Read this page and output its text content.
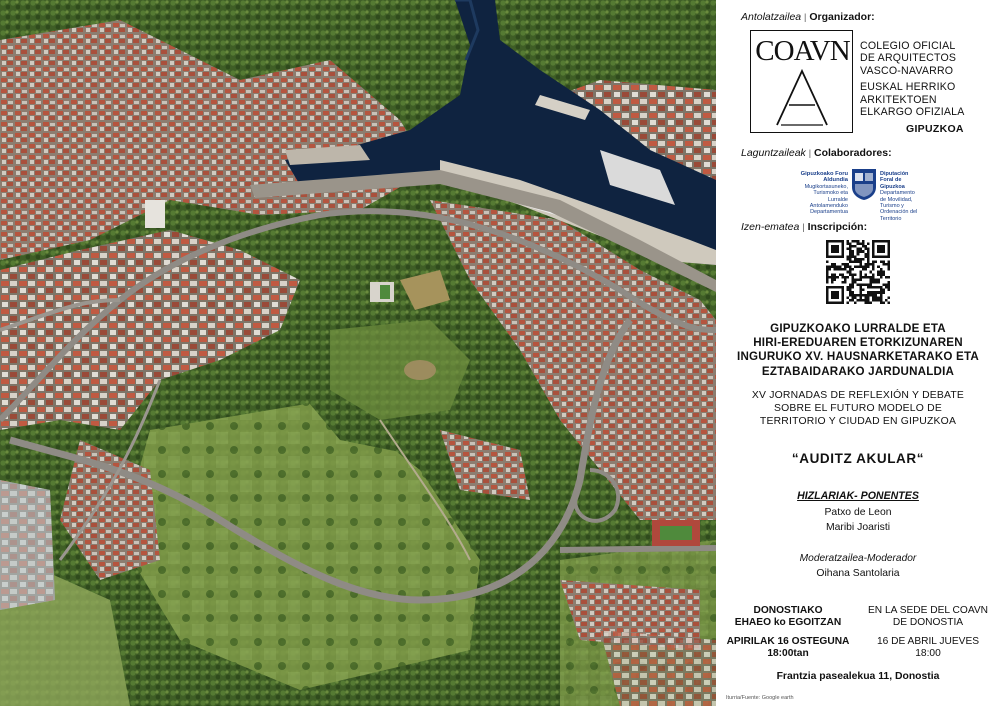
Antolatzailea | Organizador:
COAVN COLEGIO OFICIAL
DE ARQUITECTOS
VASCO-NAVARRO
EUSKAL HERRIKO
ARKITEKTOEN
ELKARGO OFIZIALA
GIPUZKOA
Laguntzaileak | Colaboradores:
Gipuzkoako Foru Aldundia
Mugikortasuneko, Turismoko eta Lurralde Antolamenduko Departamentua
Diputación Foral de Gipuzkoa
Departamento de Movilidad, Turismo y Ordenación del Territorio
Izen-ematea | Inscripción:
GIPUZKOAKO LURRALDE ETA
HIRI-EREDUAREN ETORKIZUNAREN
INGURUKO XV. HAUSNARKETARAKO ETA
EZTABAIDARAKO JARDUNALDIA
XV JORNADAS DE REFLEXIÓN Y DEBATE
SOBRE EL FUTURO MODELO DE
TERRITORIO Y CIUDAD EN GIPUZKOA
“AUDITZ AKULAR“
HIZLARIAK- PONENTES
Patxo de Leon
Maribi Joaristi
Moderatzailea-Moderador
Oihana Santolaria
DONOSTIAKO
EHAEO ko EGOITZAN
EN LA SEDE DEL COAVN
DE DONOSTIA
APIRILAK 16 OSTEGUNA
18:00tan
16 DE ABRIL JUEVES
18:00
Frantzia pasealekua 11, Donostia
Iturria/Fuente: Google earth
